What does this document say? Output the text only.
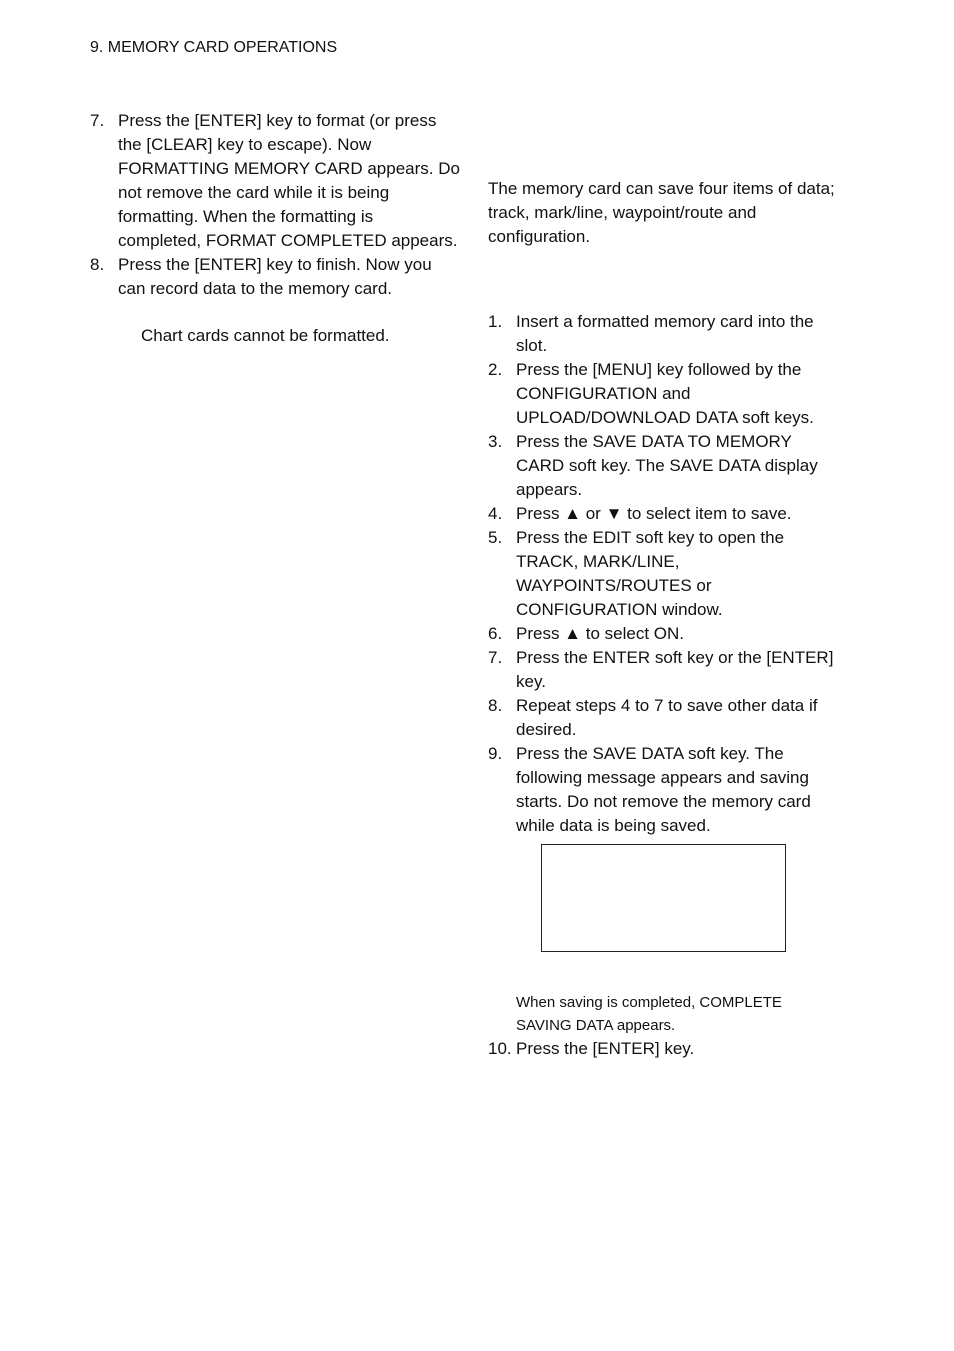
9. MEMORY CARD OPERATIONS
7. Press the [ENTER] key to format (or press the [CLEAR] key to escape). Now FORMATTING MEMORY CARD appears. Do not remove the card while it is being formatting. When the formatting is completed, FORMAT COMPLETED appears.
8. Press the [ENTER] key to finish. Now you can record data to the memory card.
Chart cards cannot be formatted.
The memory card can save four items of data; track, mark/line, waypoint/route and configuration.
1. Insert a formatted memory card into the slot.
2. Press the [MENU] key followed by the CONFIGURATION and UPLOAD/DOWNLOAD DATA soft keys.
3. Press the SAVE DATA TO MEMORY CARD soft key. The SAVE DATA display appears.
4. Press ▲ or ▼ to select item to save.
5. Press the EDIT soft key to open the TRACK, MARK/LINE, WAYPOINTS/ROUTES or CONFIGURATION window.
6. Press ▲ to select ON.
7. Press the ENTER soft key or the [ENTER] key.
8. Repeat steps 4 to 7 to save other data if desired.
9. Press the SAVE DATA soft key. The following message appears and saving starts. Do not remove the memory card while data is being saved.
When saving is completed, COMPLETE SAVING DATA appears.
10. Press the [ENTER] key.
